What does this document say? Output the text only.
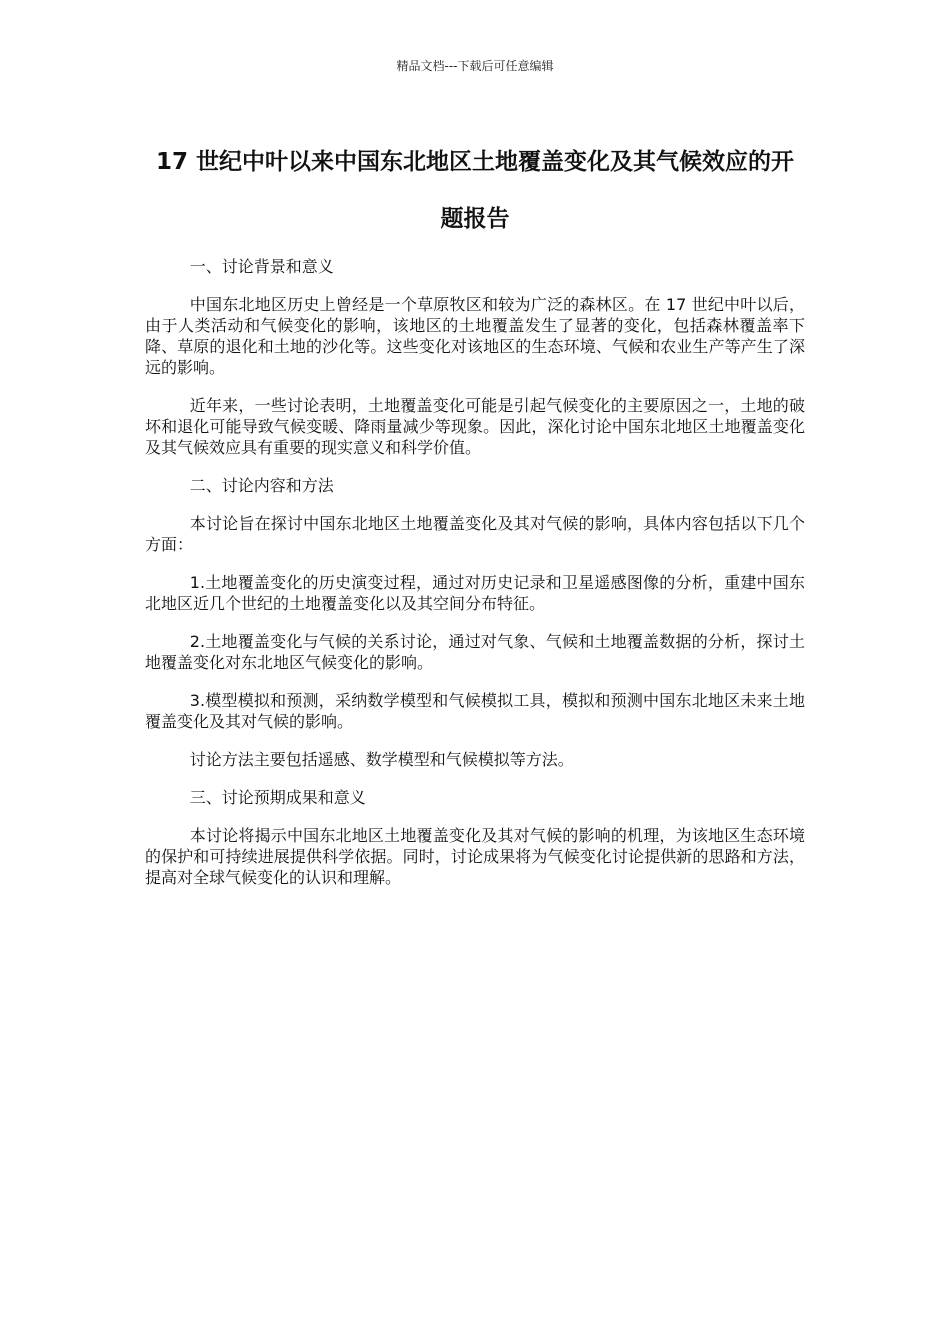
精品文档---下载后可任意编辑
17 世纪中叶以来中国东北地区土地覆盖变化及其气候效应的开题报告

一、讨论背景和意义

中国东北地区历史上曾经是一个草原牧区和较为广泛的森林区。在 17 世纪中叶以后，由于人类活动和气候变化的影响，该地区的土地覆盖发生了显著的变化，包括森林覆盖率下降、草原的退化和土地的沙化等。这些变化对该地区的生态环境、气候和农业生产等产生了深远的影响。

近年来，一些讨论表明，土地覆盖变化可能是引起气候变化的主要原因之一，土地的破坏和退化可能导致气候变暖、降雨量减少等现象。因此，深化讨论中国东北地区土地覆盖变化及其气候效应具有重要的现实意义和科学价值。

二、讨论内容和方法

本讨论旨在探讨中国东北地区土地覆盖变化及其对气候的影响，具体内容包括以下几个方面：

1.土地覆盖变化的历史演变过程，通过对历史记录和卫星遥感图像的分析，重建中国东北地区近几个世纪的土地覆盖变化以及其空间分布特征。

2.土地覆盖变化与气候的关系讨论，通过对气象、气候和土地覆盖数据的分析，探讨土地覆盖变化对东北地区气候变化的影响。

3.模型模拟和预测，采纳数学模型和气候模拟工具，模拟和预测中国东北地区未来土地覆盖变化及其对气候的影响。

讨论方法主要包括遥感、数学模型和气候模拟等方法。

三、讨论预期成果和意义

本讨论将揭示中国东北地区土地覆盖变化及其对气候的影响的机理，为该地区生态环境的保护和可持续进展提供科学依据。同时，讨论成果将为气候变化讨论提供新的思路和方法，提高对全球气候变化的认识和理解。
